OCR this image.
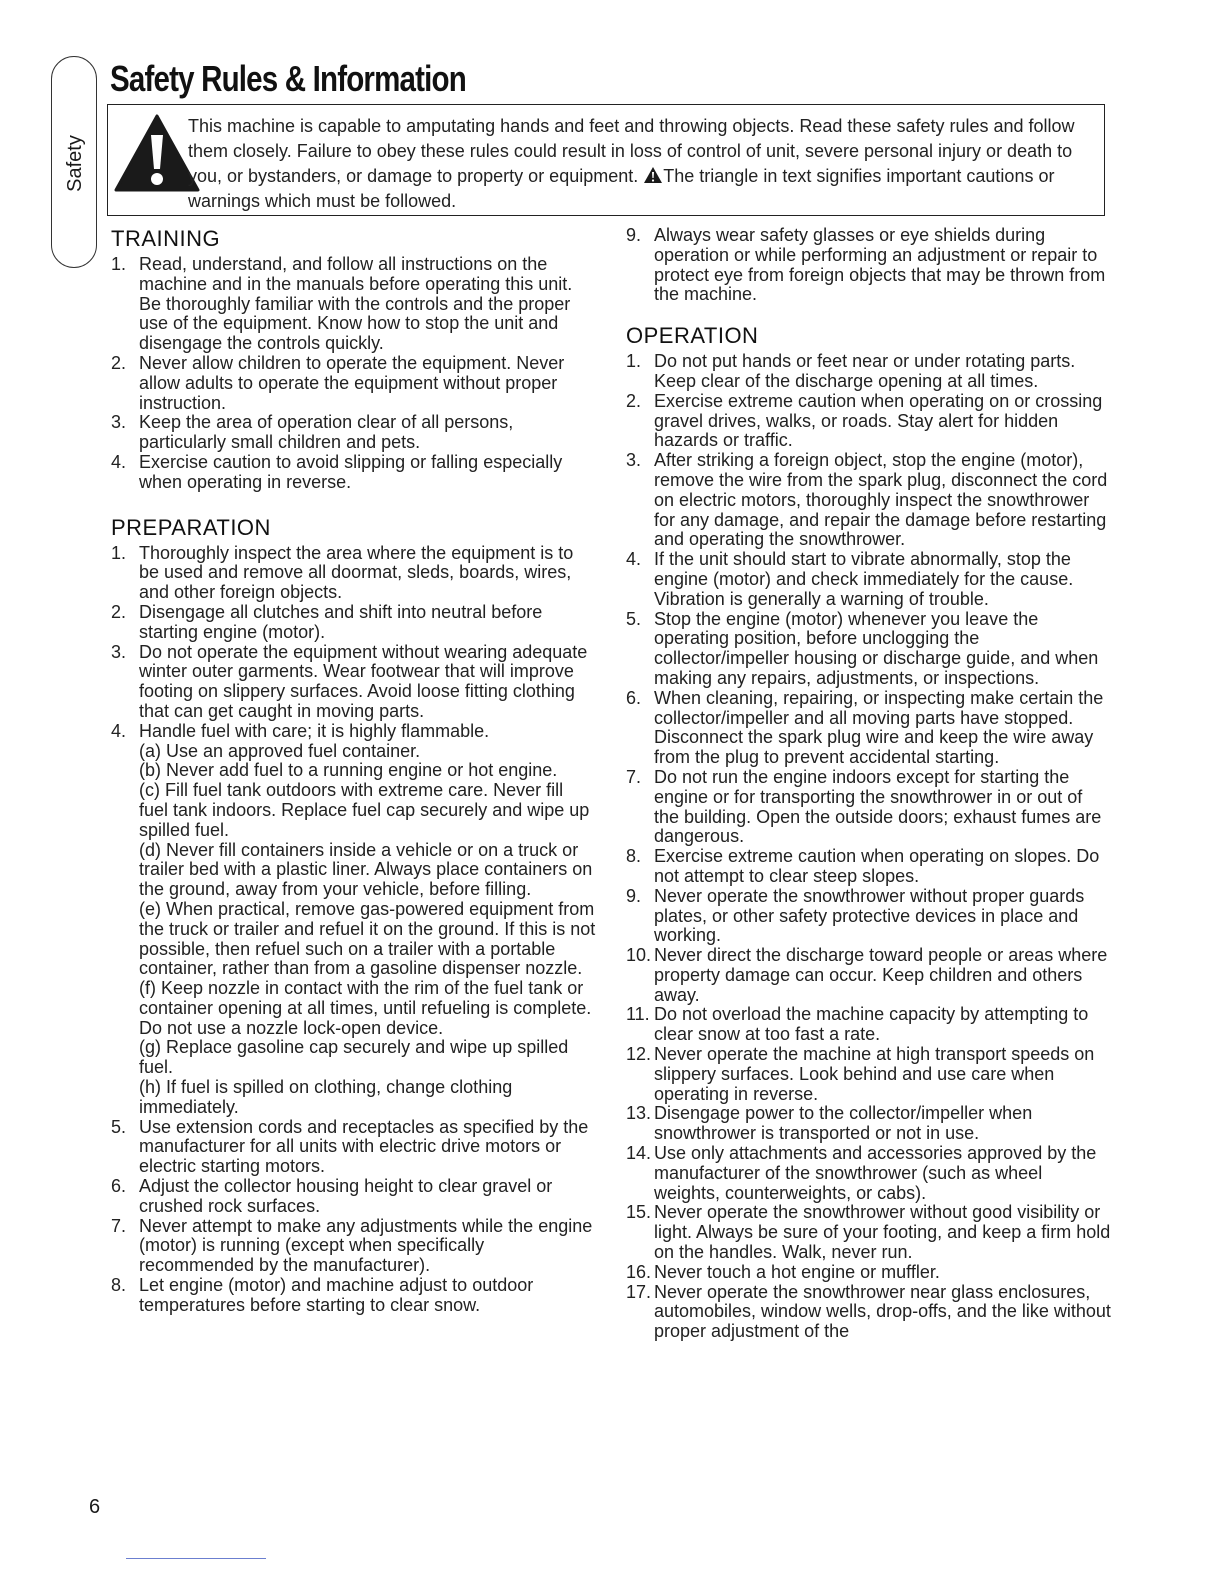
Safety
Safety Rules & Information

This machine is capable to amputating hands and feet and throwing objects. Read these safety rules and follow them closely. Failure to obey these rules could result in loss of control of unit, severe personal injury or death to you, or bystanders, or damage to property or equipment. The triangle in text signifies important cautions or warnings which must be followed.

TRAINING
1. Read, understand, and follow all instructions on the machine and in the manuals before operating this unit. Be thoroughly familiar with the controls and the proper use of the equipment. Know how to stop the unit and disengage the controls quickly.
2. Never allow children to operate the equipment. Never allow adults to operate the equipment without proper instruction.
3. Keep the area of operation clear of all persons, particularly small children and pets.
4. Exercise caution to avoid slipping or falling especially when operating in reverse.
PREPARATION
1. Thoroughly inspect the area where the equipment is to be used and remove all doormat, sleds, boards, wires, and other foreign objects.
2. Disengage all clutches and shift into neutral before starting engine (motor).
3. Do not operate the equipment without wearing adequate winter outer garments. Wear footwear that will improve footing on slippery surfaces. Avoid loose fitting clothing that can get caught in moving parts.
4. Handle fuel with care; it is highly flammable.
(a) Use an approved fuel container.
(b) Never add fuel to a running engine or hot engine.
(c) Fill fuel tank outdoors with extreme care. Never fill fuel tank indoors. Replace fuel cap securely and wipe up spilled fuel.
(d) Never fill containers inside a vehicle or on a truck or trailer bed with a plastic liner. Always place containers on the ground, away from your vehicle, before filling.
(e) When practical, remove gas-powered equipment from the truck or trailer and refuel it on the ground. If this is not possible, then refuel such on a trailer with a portable container, rather than from a gasoline dispenser nozzle.
(f) Keep nozzle in contact with the rim of the fuel tank or container opening at all times, until refueling is complete. Do not use a nozzle lock-open device.
(g) Replace gasoline cap securely and wipe up spilled fuel.
(h) If fuel is spilled on clothing, change clothing immediately.
5. Use extension cords and receptacles as specified by the manufacturer for all units with electric drive motors or electric starting motors.
6. Adjust the collector housing height to clear gravel or crushed rock surfaces.
7. Never attempt to make any adjustments while the engine (motor) is running (except when specifically recommended by the manufacturer).
8. Let engine (motor) and machine adjust to outdoor temperatures before starting to clear snow.
9. Always wear safety glasses or eye shields during operation or while performing an adjustment or repair to protect eye from foreign objects that may be thrown from the machine.
OPERATION
1. Do not put hands or feet near or under rotating parts. Keep clear of the discharge opening at all times.
2. Exercise extreme caution when operating on or crossing gravel drives, walks, or roads. Stay alert for hidden hazards or traffic.
3. After striking a foreign object, stop the engine (motor), remove the wire from the spark plug, disconnect the cord on electric motors, thoroughly inspect the snowthrower for any damage, and repair the damage before restarting and operating the snowthrower.
4. If the unit should start to vibrate abnormally, stop the engine (motor) and check immediately for the cause. Vibration is generally a warning of trouble.
5. Stop the engine (motor) whenever you leave the operating position, before unclogging the collector/impeller housing or discharge guide, and when making any repairs, adjustments, or inspections.
6. When cleaning, repairing, or inspecting make certain the collector/impeller and all moving parts have stopped. Disconnect the spark plug wire and keep the wire away from the plug to prevent accidental starting.
7. Do not run the engine indoors except for starting the engine or for transporting the snowthrower in or out of the building. Open the outside doors; exhaust fumes are dangerous.
8. Exercise extreme caution when operating on slopes. Do not attempt to clear steep slopes.
9. Never operate the snowthrower without proper guards plates, or other safety protective devices in place and working.
10. Never direct the discharge toward people or areas where property damage can occur. Keep children and others away.
11. Do not overload the machine capacity by attempting to clear snow at too fast a rate.
12. Never operate the machine at high transport speeds on slippery surfaces. Look behind and use care when operating in reverse.
13. Disengage power to the collector/impeller when snowthrower is transported or not in use.
14. Use only attachments and accessories approved by the manufacturer of the snowthrower (such as wheel weights, counterweights, or cabs).
15. Never operate the snowthrower without good visibility or light. Always be sure of your footing, and keep a firm hold on the handles. Walk, never run.
16. Never touch a hot engine or muffler.
17. Never operate the snowthrower near glass enclosures, automobiles, window wells, drop-offs, and the like without proper adjustment of the

6
